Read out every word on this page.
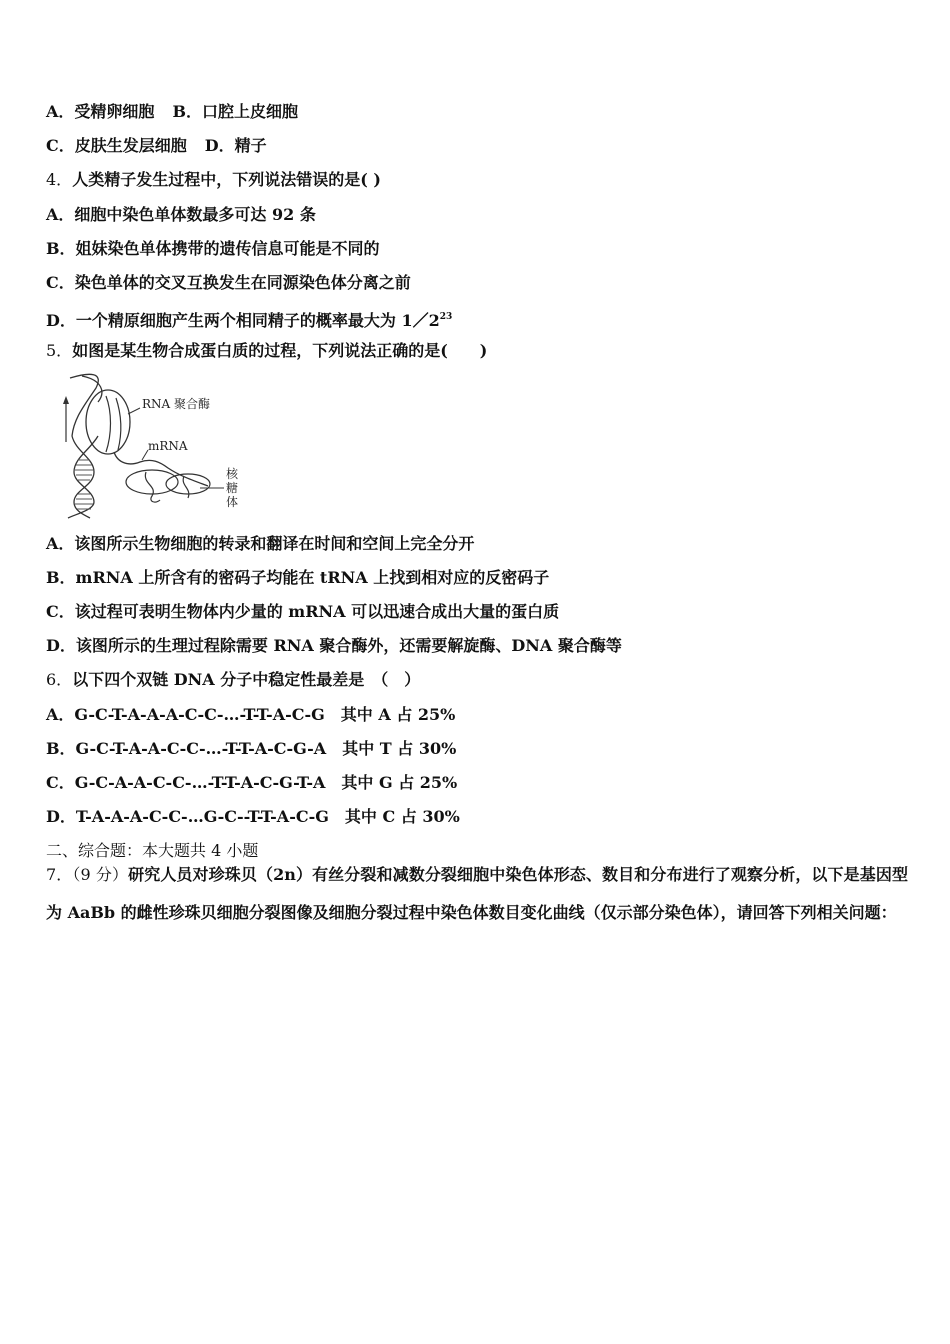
A．受精卵细胞 B．口腔上皮细胞
C．皮肤生发层细胞 D．精子
4．人类精子发生过程中，下列说法错误的是( )
A．细胞中染色单体数最多可达 92 条
B．姐妹染色单体携带的遗传信息可能是不同的
C．染色单体的交叉互换发生在同源染色体分离之前
D．一个精原细胞产生两个相同精子的概率最大为 $1/2^{23}$
5．如图是某生物合成蛋白质的过程，下列说法正确的是(　　)
RNA 聚合酶
mRNA
核
糖
体
A．该图所示生物细胞的转录和翻译在时间和空间上完全分开
B．mRNA 上所含有的密码子均能在 tRNA 上找到相对应的反密码子
C．该过程可表明生物体内少量的 mRNA 可以迅速合成出大量的蛋白质
D．该图所示的生理过程除需要 RNA 聚合酶外，还需要解旋酶、DNA 聚合酶等
6．以下四个双链 DNA 分子中稳定性最差是　（　）
A．G-C-T-A-A-A-C-C-…-T-T-A-C-G　其中 A 占 25%
B．G-C-T-A-A-C-C-…-T-T-A-C-G-A　其中 T 占 30%
C．G-C-A-A-C-C-…-T-T-A-C-G-T-A　其中 G 占 25%
D．T-A-A-A-C-C-…G-C--T-T-A-C-G　其中 C 占 30%
二、综合题：本大题共 4 小题
7．（9 分）研究人员对珍珠贝（2n）有丝分裂和减数分裂细胞中染色体形态、数目和分布进行了观察分析，以下是基因型为 AaBb 的雌性珍珠贝细胞分裂图像及细胞分裂过程中染色体数目变化曲线（仅示部分染色体），请回答下列相关问题：
